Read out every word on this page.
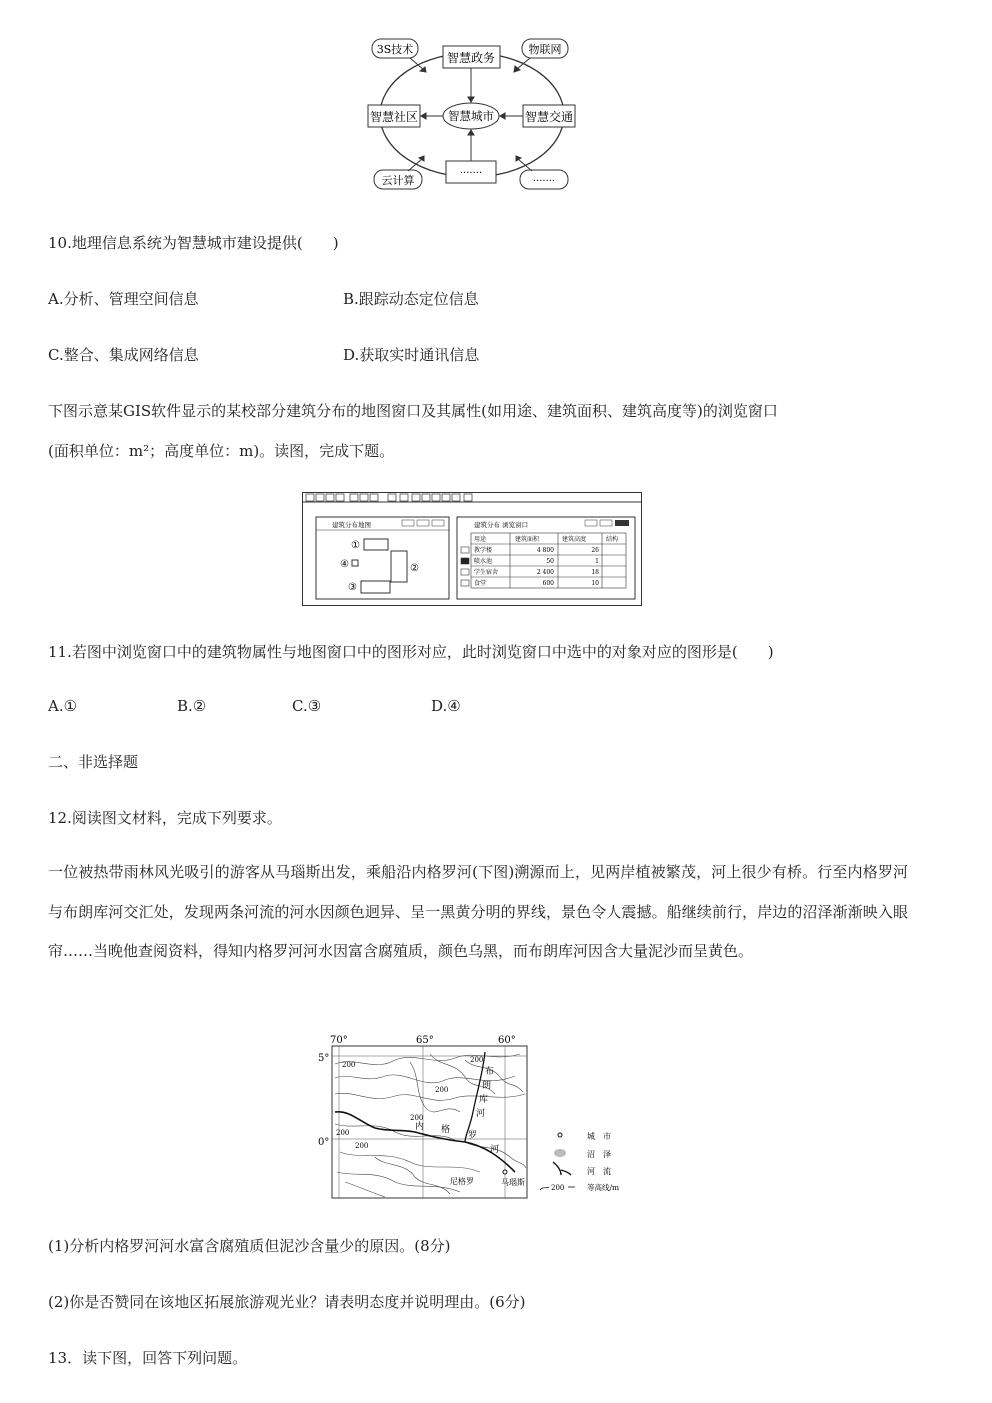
智慧政务
智慧社区	智慧交通
智慧城市
·······
3S技术	物联网
云计算	·······
10.地理信息系统为智慧城市建设提供(　　)
A.分析、管理空间信息	B.跟踪动态定位信息
C.整合、集成网络信息	D.获取实时通讯信息
下图示意某GIS软件显示的某校部分建筑分布的地图窗口及其属性(如用途、建筑面积、建筑高度等)的浏览窗口
(面积单位：m²；高度单位：m)。读图，完成下题。
建筑分布地图
①
②
④
③
建筑分布 浏览窗口
用途	建筑面积	建筑高度	结构
教学楼	4 800	26
喷水池	50	1
学生宿舍	2 400	18
食堂	600	10
11.若图中浏览窗口中的建筑物属性与地图窗口中的图形对应，此时浏览窗口中选中的对象对应的图形是(　　)
A.①	B.②	C.③	D.④
二、非选择题
12.阅读图文材料，完成下列要求。
一位被热带雨林风光吸引的游客从马瑙斯出发，乘船沿内格罗河(下图)溯源而上，见两岸植被繁茂，河上很少有桥。行至内格罗河与布朗库河交汇处，发现两条河流的河水因颜色迥异、呈一黑黄分明的界线，景色令人震撼。船继续前行，岸边的沼泽渐渐映入眼帘……当晚他查阅资料，得知内格罗河河水因富含腐殖质，颜色乌黑，而布朗库河因含大量泥沙而呈黄色。
70°	65°	60°
5°
0°
200
200
200
200
200
200
内 格
罗
河
布
朗
库
河
尼格罗	马瑙斯
城　市
沼　泽
河　流
200	等高线/m
(1)分析内格罗河河水富含腐殖质但泥沙含量少的原因。(8分)
(2)你是否赞同在该地区拓展旅游观光业？请表明态度并说明理由。(6分)
13．读下图，回答下列问题。
